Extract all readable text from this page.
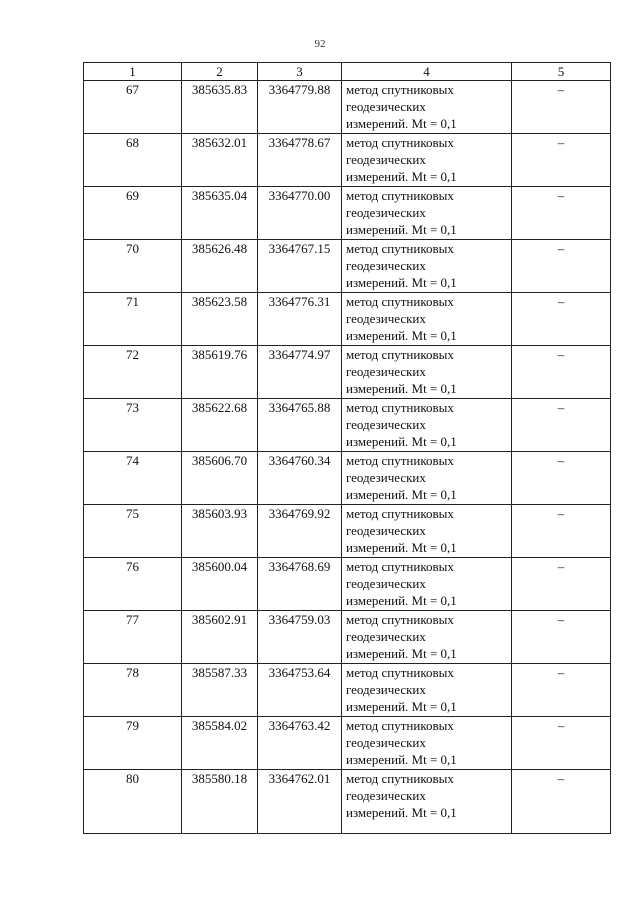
92
1	2	3	4	5
67	385635.83	3364779.88	метод спутниковых
геодезических
измерений. Mt = 0,1	–
68	385632.01	3364778.67	метод спутниковых
геодезических
измерений. Mt = 0,1	–
69	385635.04	3364770.00	метод спутниковых
геодезических
измерений. Mt = 0,1	–
70	385626.48	3364767.15	метод спутниковых
геодезических
измерений. Mt = 0,1	–
71	385623.58	3364776.31	метод спутниковых
геодезических
измерений. Mt = 0,1	–
72	385619.76	3364774.97	метод спутниковых
геодезических
измерений. Mt = 0,1	–
73	385622.68	3364765.88	метод спутниковых
геодезических
измерений. Mt = 0,1	–
74	385606.70	3364760.34	метод спутниковых
геодезических
измерений. Mt = 0,1	–
75	385603.93	3364769.92	метод спутниковых
геодезических
измерений. Mt = 0,1	–
76	385600.04	3364768.69	метод спутниковых
геодезических
измерений. Mt = 0,1	–
77	385602.91	3364759.03	метод спутниковых
геодезических
измерений. Mt = 0,1	–
78	385587.33	3364753.64	метод спутниковых
геодезических
измерений. Mt = 0,1	–
79	385584.02	3364763.42	метод спутниковых
геодезических
измерений. Mt = 0,1	–
80	385580.18	3364762.01	метод спутниковых
геодезических
измерений. Mt = 0,1	–
